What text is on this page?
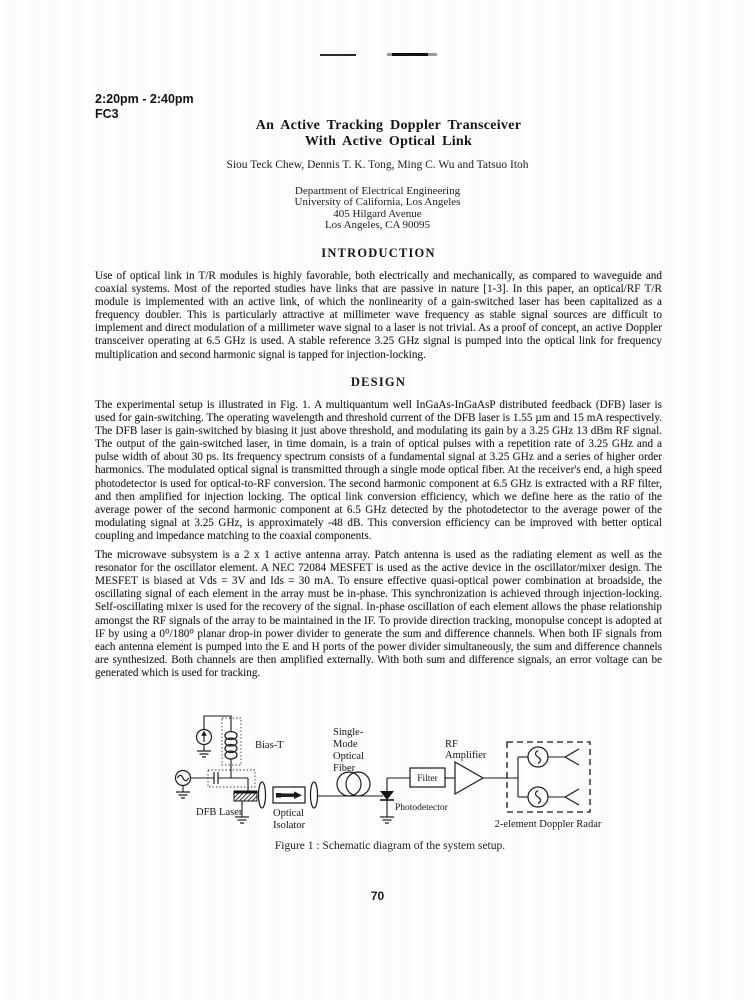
2:20pm - 2:40pm
FC3
An Active Tracking Doppler Transceiver
With Active Optical Link
Siou Teck Chew, Dennis T. K. Tong, Ming C. Wu and Tatsuo Itoh
Department of Electrical Engineering
University of California, Los Angeles
405 Hilgard Avenue
Los Angeles, CA 90095
INTRODUCTION

Use of optical link in T/R modules is highly favorable, both electrically and mechanically, as compared to waveguide and coaxial systems. Most of the reported studies have links that are passive in nature [1-3]. In this paper, an optical/RF T/R module is implemented with an active link, of which the nonlinearity of a gain-switched laser has been capitalized as a frequency doubler. This is particularly attractive at millimeter wave frequency as stable signal sources are difficult to implement and direct modulation of a millimeter wave signal to a laser is not trivial. As a proof of concept, an active Doppler transceiver operating at 6.5 GHz is used. A stable reference 3.25 GHz signal is pumped into the optical link for frequency multiplication and second harmonic signal is tapped for injection-locking.

DESIGN

The experimental setup is illustrated in Fig. 1. A multiquantum well InGaAs-InGaAsP distributed feedback (DFB) laser is used for gain-switching. The operating wavelength and threshold current of the DFB laser is 1.55 µm and 15 mA respectively. The DFB laser is gain-switched by biasing it just above threshold, and modulating its gain by a 3.25 GHz 13 dBm RF signal. The output of the gain-switched laser, in time domain, is a train of optical pulses with a repetition rate of 3.25 GHz and a pulse width of about 30 ps. Its frequency spectrum consists of a fundamental signal at 3.25 GHz and a series of higher order harmonics. The modulated optical signal is transmitted through a single mode optical fiber. At the receiver's end, a high speed photodetector is used for optical-to-RF conversion. The second harmonic component at 6.5 GHz is extracted with a RF filter, and then amplified for injection locking. The optical link conversion efficiency, which we define here as the ratio of the average power of the second harmonic component at 6.5 GHz detected by the photodetector to the average power of the modulating signal at 3.25 GHz, is approximately -48 dB. This conversion efficiency can be improved with better optical coupling and impedance matching to the coaxial components.

The microwave subsystem is a 2 x 1 active antenna array. Patch antenna is used as the radiating element as well as the resonator for the oscillator element. A NEC 72084 MESFET is used as the active device in the oscillator/mixer design. The MESFET is biased at Vds = 3V and Ids = 30 mA. To ensure effective quasi-optical power combination at broadside, the oscillating signal of each element in the array must be in-phase. This synchronization is achieved through injection-locking. Self-oscillating mixer is used for the recovery of the signal. In-phase oscillation of each element allows the phase relationship amongst the RF signals of the array to be maintained in the IF. To provide direction tracking, monopulse concept is adopted at IF by using a 0⁰/180⁰ planar drop-in power divider to generate the sum and difference channels. When both IF signals from each antenna element is pumped into the E and H ports of the power divider simultaneously, the sum and difference channels are synthesized. Both channels are then amplified externally. With both sum and difference signals, an error voltage can be generated which is used for tracking.

Bias-T
DFB Laser	Optical
Isolator
Single-
Mode
Optical
Fiber
Photodetector
Filter
RF
Amplifier
2-element Doppler Radar
Figure 1 : Schematic diagram of the system setup.
70
